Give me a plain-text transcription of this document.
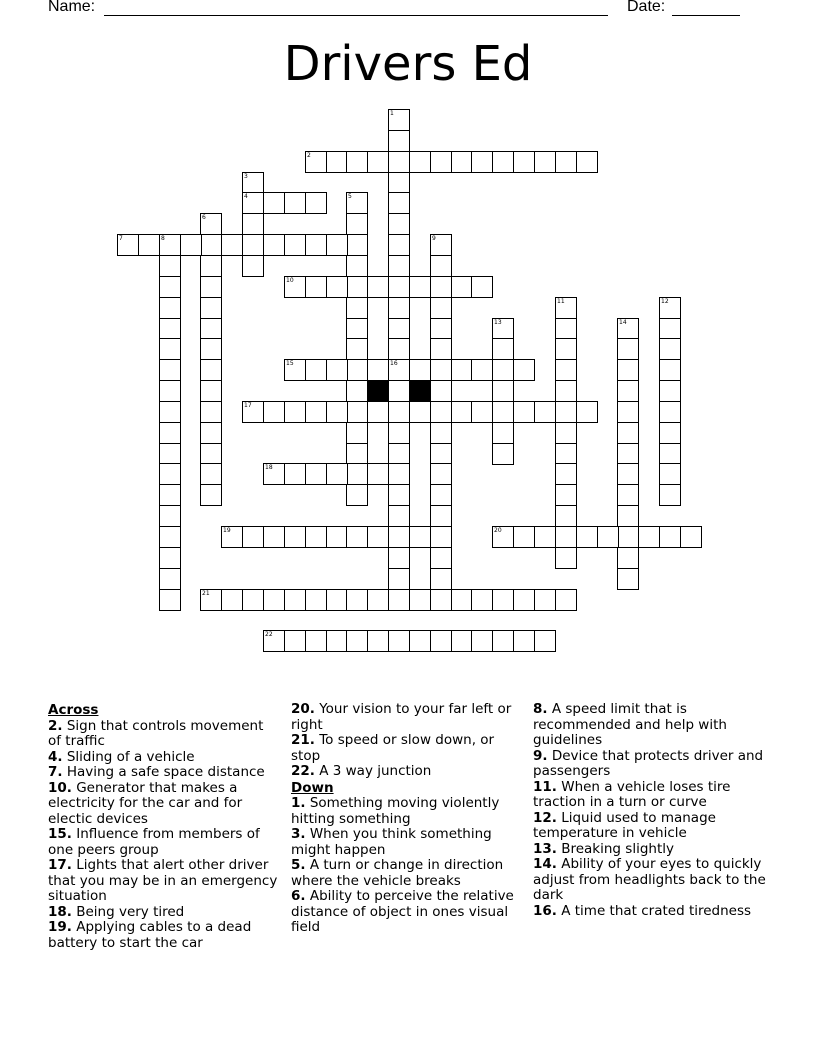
Name:	Date:
Drivers Ed
1
16
2
3
4	5
6
7	8	9
10
11	12
13	14
15
17
18
19	20
21
22
Across
2. Sign that controls movement of traffic
4. Sliding of a vehicle
7. Having a safe space distance
10. Generator that makes a electricity for the car and for electic devices
15. Influence from members of one peers group
17. Lights that alert other driver that you may be in an emergency situation
18. Being very tired
19. Applying cables to a dead battery to start the car
20. Your vision to your far left or right
21. To speed or slow down, or stop
22. A 3 way junction
Down
1. Something moving violently hitting something
3. When you think something might happen
5. A turn or change in direction where the vehicle breaks
6. Ability to perceive the relative distance of object in ones visual field
8. A speed limit that is recommended and help with guidelines
9. Device that protects driver and passengers
11. When a vehicle loses tire traction in a turn or curve
12. Liquid used to manage temperature in vehicle
13. Breaking slightly
14. Ability of your eyes to quickly adjust from headlights back to the dark
16. A time that crated tiredness
